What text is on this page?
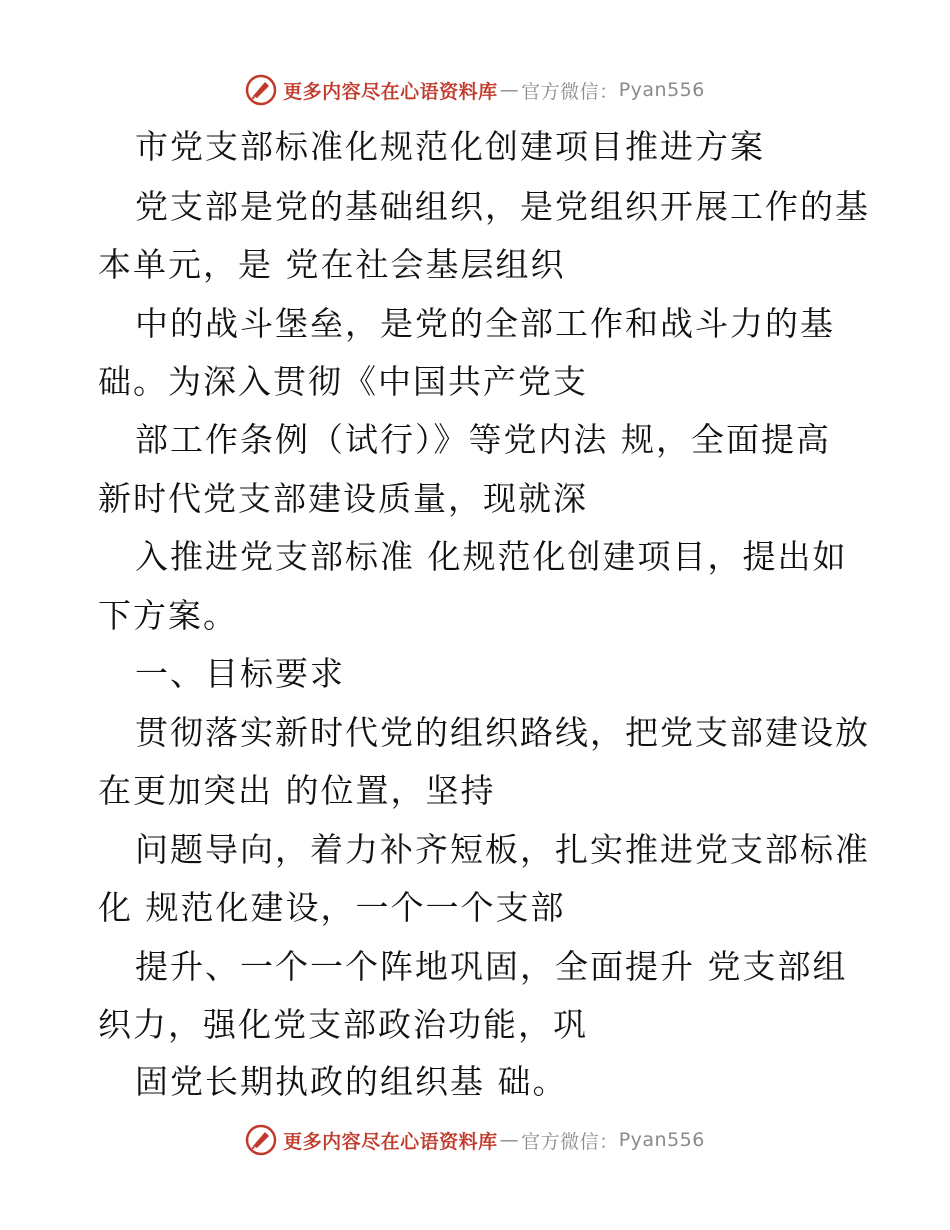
更多内容尽在心语资料库 — 官方微信： Pyan556
市党支部标准化规范化创建项目推进方案
党支部是党的基础组织，是党组织开展工作的基
本单元，是 党在社会基层组织
中的战斗堡垒，是党的全部工作和战斗力的基
础。为深入贯彻《中国共产党支
部工作条例（试行）》等党内法 规，全面提高
新时代党支部建设质量，现就深
入推进党支部标准 化规范化创建项目，提出如
下方案。
一、目标要求
贯彻落实新时代党的组织路线，把党支部建设放
在更加突出 的位置，坚持
问题导向，着力补齐短板，扎实推进党支部标准
化 规范化建设，一个一个支部
提升、一个一个阵地巩固，全面提升 党支部组
织力，强化党支部政治功能，巩
固党长期执政的组织基 础。
更多内容尽在心语资料库 — 官方微信： Pyan556
